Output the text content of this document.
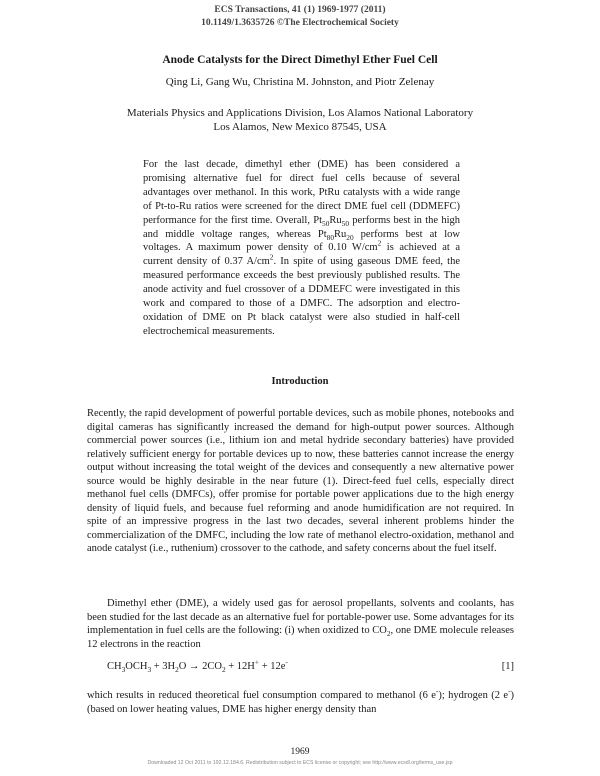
ECS Transactions, 41 (1) 1969-1977 (2011)
10.1149/1.3635726 ©The Electrochemical Society
Anode Catalysts for the Direct Dimethyl Ether Fuel Cell
Qing Li, Gang Wu, Christina M. Johnston, and Piotr Zelenay
Materials Physics and Applications Division, Los Alamos National Laboratory
Los Alamos, New Mexico 87545, USA
For the last decade, dimethyl ether (DME) has been considered a promising alternative fuel for direct fuel cells because of several advantages over methanol. In this work, PtRu catalysts with a wide range of Pt-to-Ru ratios were screened for the direct DME fuel cell (DDMEFC) performance for the first time. Overall, $Pt_{50}Ru_{50}$ performs best in the high and middle voltage ranges, whereas $Pt_{80}Ru_{20}$ performs best at low voltages. A maximum power density of 0.10 $W/cm^2$ is achieved at a current density of 0.37 $A/cm^2$. In spite of using gaseous DME feed, the measured performance exceeds the best previously published results. The anode activity and fuel crossover of a DDMEFC were investigated in this work and compared to those of a DMFC. The adsorption and electro-oxidation of DME on Pt black catalyst were also studied in half-cell electrochemical measurements.
Introduction

Recently, the rapid development of powerful portable devices, such as mobile phones, notebooks and digital cameras has significantly increased the demand for high-output power sources. Although commercial power sources (i.e., lithium ion and metal hydride secondary batteries) have provided relatively sufficient energy for portable devices up to now, these batteries cannot increase the energy output without increasing the total weight of the devices and consequently a new alternative power source would be highly desirable in the near future (1). Direct-feed fuel cells, especially direct methanol fuel cells (DMFCs), offer promise for portable power applications due to the high energy density of liquid fuels, and because fuel reforming and anode humidification are not required. In spite of an impressive progress in the last two decades, several inherent problems hinder the commercialization of the DMFC, including the low rate of methanol electro-oxidation, methanol and anode catalyst (i.e., ruthenium) crossover to the cathode, and safety concerns about the fuel itself.

Dimethyl ether (DME), a widely used gas for aerosol propellants, solvents and coolants, has been studied for the last decade as an alternative fuel for portable-power use. Some advantages for its implementation in fuel cells are the following: (i) when oxidized to $CO_2$, one DME molecule releases 12 electrons in the reaction

$CH_3OCH_3 + 3H_2O \to 2CO_2 + 12H^+ + 12e^-$	[1]

which results in reduced theoretical fuel consumption compared to methanol (6 e-); hydrogen (2 e-) (based on lower heating values, DME has higher energy density than

1969
Downloaded 12 Oct 2011 to 192.12.184.6. Redistribution subject to ECS license or copyright; see http://www.ecsdl.org/terms_use.jsp
